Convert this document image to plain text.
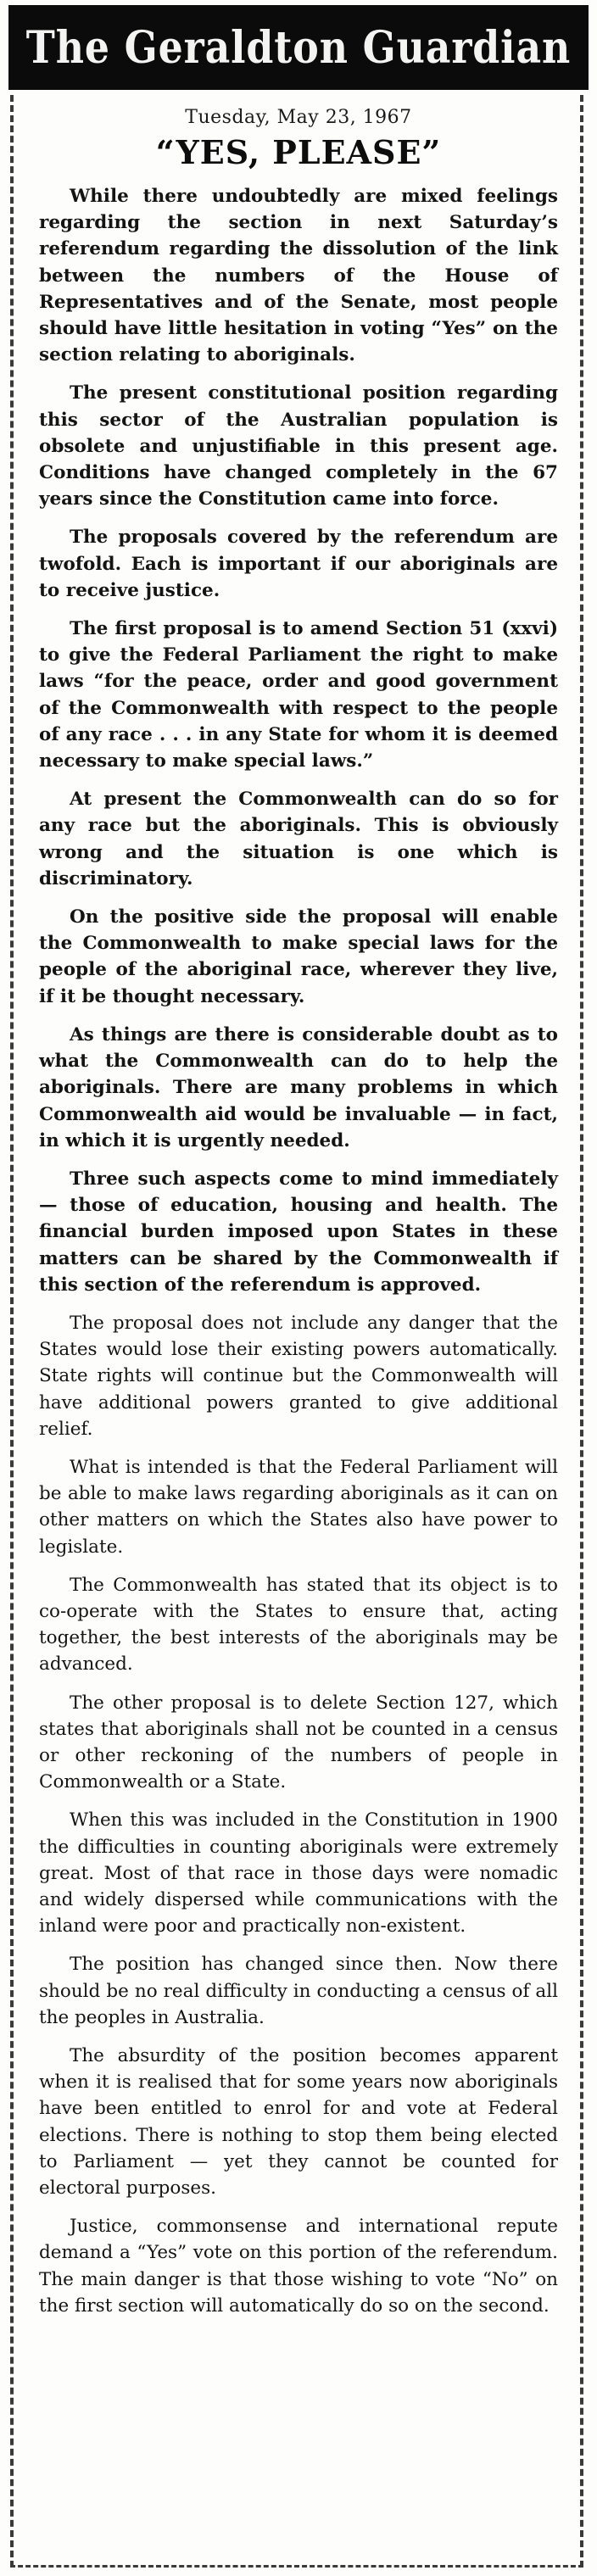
The Geraldton Guardian
Tuesday, May 23, 1967
“YES, PLEASE”

While there undoubtedly are mixed feelings regarding the section in next Saturday’s referendum regarding the dissolution of the link between the numbers of the House of Representatives and of the Senate, most people should have little hesitation in voting “Yes” on the section relating to aboriginals.

The present constitutional position regarding this sector of the Australian population is obsolete and unjustifiable in this present age. Conditions have changed completely in the 67 years since the Constitution came into force.

The proposals covered by the referendum are twofold. Each is important if our aboriginals are to receive justice.

The first proposal is to amend Section 51 (xxvi) to give the Federal Parliament the right to make laws “for the peace, order and good government of the Commonwealth with respect to the people of any race . . . in any State for whom it is deemed necessary to make special laws.”

At present the Commonwealth can do so for any race but the aboriginals. This is obviously wrong and the situation is one which is discriminatory.

On the positive side the proposal will enable the Commonwealth to make special laws for the people of the aboriginal race, wherever they live, if it be thought necessary.

As things are there is considerable doubt as to what the Commonwealth can do to help the aboriginals. There are many problems in which Commonwealth aid would be invaluable — in fact, in which it is urgently needed.

Three such aspects come to mind immediately — those of education, housing and health. The financial burden imposed upon States in these matters can be shared by the Commonwealth if this section of the referendum is approved.

The proposal does not include any danger that the States would lose their existing powers automatically. State rights will continue but the Commonwealth will have additional powers granted to give additional relief.

What is intended is that the Federal Parliament will be able to make laws regarding aboriginals as it can on other matters on which the States also have power to legislate.

The Commonwealth has stated that its object is to co-operate with the States to ensure that, acting together, the best interests of the aboriginals may be advanced.

The other proposal is to delete Section 127, which states that aboriginals shall not be counted in a census or other reckoning of the numbers of people in Commonwealth or a State.

When this was included in the Constitution in 1900 the difficulties in counting aboriginals were extremely great. Most of that race in those days were nomadic and widely dispersed while communications with the inland were poor and practically non-existent.

The position has changed since then. Now there should be no real difficulty in conducting a census of all the peoples in Australia.

The absurdity of the position becomes apparent when it is realised that for some years now aboriginals have been entitled to enrol for and vote at Federal elections. There is nothing to stop them being elected to Parliament — yet they cannot be counted for electoral purposes.

Justice, commonsense and international repute demand a “Yes” vote on this portion of the referendum. The main danger is that those wishing to vote “No” on the first section will automatically do so on the second.
